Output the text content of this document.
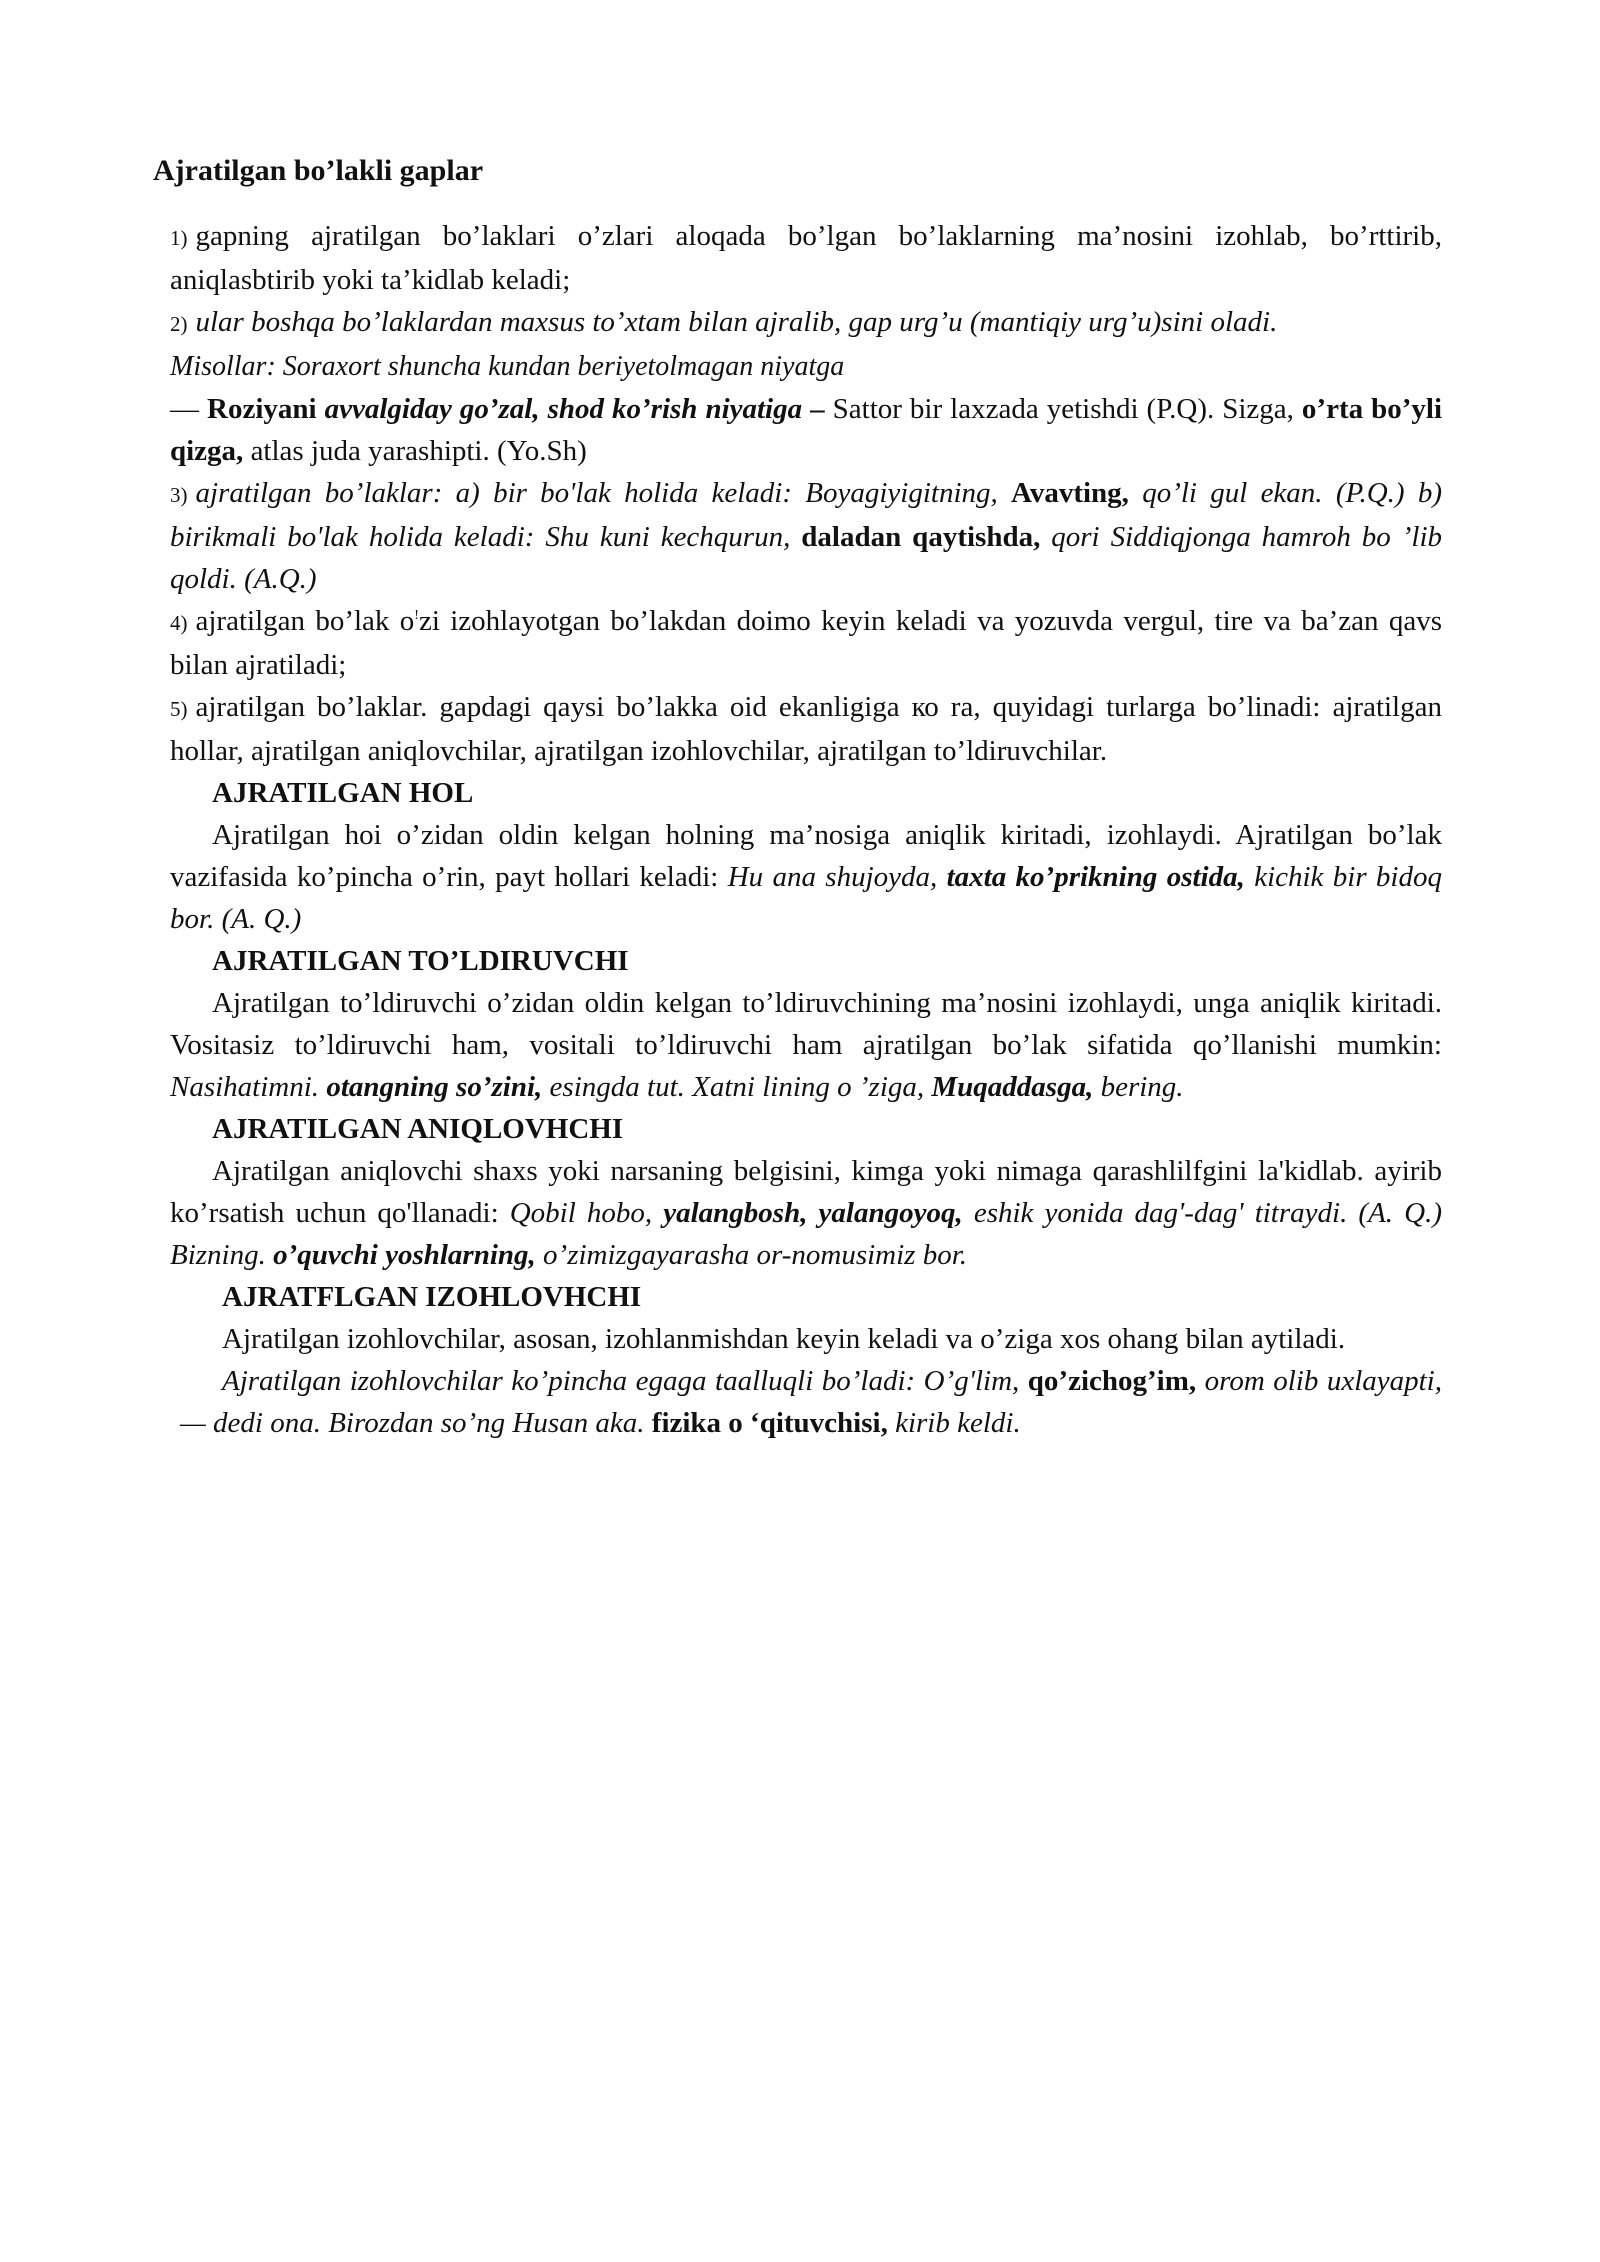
Ajratilgan bo’lakli gaplar

1) gapning ajratilgan bo’laklari o’zlari aloqada bo’lgan bo’laklarning ma’nosini izohlab, bo’rttirib, aniqlasbtirib yoki ta’kidlab keladi;

2) ular boshqa bo’laklardan maxsus to’xtam bilan ajralib, gap urg’u (mantiqiy urg’u)sini oladi.
Misollar: Soraxort shuncha kundan beriyetolmagan niyatga
— Roziyani avvalgiday go’zal, shod ko’rish niyatiga – Sattor bir laxzada yetishdi (P.Q). Sizga, o’rta bo’yli qizga, atlas juda yarashipti. (Yo.Sh)

3) ajratilgan bo’laklar: a) bir bo'lak holida keladi: Boyagiyigitning, Avavting, qo’li gul ekan. (P.Q.) b) birikmali bo'lak holida keladi: Shu kuni kechqurun, daladan qaytishda, qori Siddiqjonga hamroh bo ’lib qoldi. (A.Q.)

4) ajratilgan bo’lak o!zi izohlayotgan bo’lakdan doimo keyin keladi va yozuvda vergul, tire va ba’zan qavs bilan ajratiladi;

5) ajratilgan bo’laklar. gapdagi qaysi bo’lakka oid ekanligiga ко ra, quyidagi turlarga bo’linadi: ajratilgan hollar, ajratilgan aniqlovchilar, ajratilgan izohlovchilar, ajratilgan to’ldiruvchilar.

AJRATILGAN HOL

Ajratilgan hoi o’zidan oldin kelgan holning ma’nosiga aniqlik kiritadi, izohlaydi. Ajratilgan bo’lak vazifasida ko’pincha o’rin, payt hollari keladi: Hu ana shujoyda, taxta ko’prikning ostida, kichik bir bidoq bor. (A. Q.)

AJRATILGAN TO’LDIRUVCHI

Ajratilgan to’ldiruvchi o’zidan oldin kelgan to’ldiruvchining ma’nosini izohlaydi, unga aniqlik kiritadi. Vositasiz to’ldiruvchi ham, vositali to’ldiruvchi ham ajratilgan bo’lak sifatida qo’llanishi mumkin: Nasihatimni. otangning so’zini, esingda tut. Xatni lining o ’ziga, Muqaddasga, bering.

AJRATILGAN ANIQLOVHCHI

Ajratilgan aniqlovchi shaxs yoki narsaning belgisini, kimga yoki nimaga qarashlilfgini la'kidlab. ayirib ko’rsatish uchun qo'llanadi: Qobil hobo, yalangbosh, yalangoyoq, eshik yonida dag'-dag' titraydi. (A. Q.) Bizning. o’quvchi yoshlarning, o’zimizgayarasha or-nomusimiz bor.

AJRATFLGAN IZOHLOVHCHI

Ajratilgan izohlovchilar, asosan, izohlanmishdan keyin keladi va o’ziga xos ohang bilan aytiladi.

Ajratilgan izohlovchilar ko’pincha egaga taalluqli bo’ladi: O’g'lim, qo’zichog’im, orom olib uxlayapti, — dedi ona. Birozdan so’ng Husan aka. fizika o ‘qituvchisi, kirib keldi.
